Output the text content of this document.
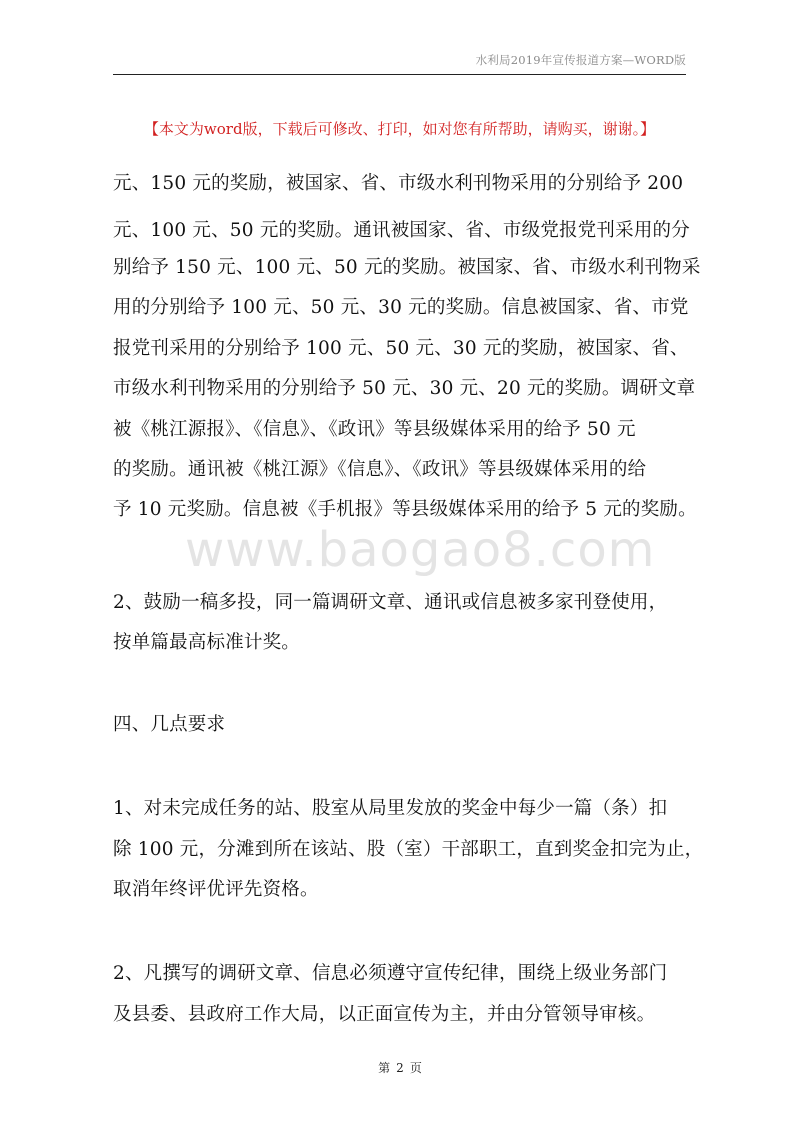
水利局2019年宣传报道方案—WORD版
【本文为word版，下载后可修改、打印，如对您有所帮助，请购买，谢谢。】
www.baogao8.com
元、150 元的奖励，被国家、省、市级水利刊物采用的分别给予 200
元、100 元、50 元的奖励。通讯被国家、省、市级党报党刊采用的分
别给予 150 元、100 元、50 元的奖励。被国家、省、市级水利刊物采
用的分别给予 100 元、50 元、30 元的奖励。信息被国家、省、市党
报党刊采用的分别给予 100 元、50 元、30 元的奖励，被国家、省、
市级水利刊物采用的分别给予 50 元、30 元、20 元的奖励。调研文章
被《桃江源报》、《信息》、《政讯》等县级媒体采用的给予 50 元
的奖励。通讯被《桃江源》《信息》、《政讯》等县级媒体采用的给
予 10 元奖励。信息被《手机报》等县级媒体采用的给予 5 元的奖励。
2、鼓励一稿多投，同一篇调研文章、通讯或信息被多家刊登使用，
按单篇最高标准计奖。
四、几点要求
1、对未完成任务的站、股室从局里发放的奖金中每少一篇（条）扣
除 100 元，分滩到所在该站、股（室）干部职工，直到奖金扣完为止，
取消年终评优评先资格。
2、凡撰写的调研文章、信息必须遵守宣传纪律，围绕上级业务部门
及县委、县政府工作大局，以正面宣传为主，并由分管领导审核。
第 2 页
